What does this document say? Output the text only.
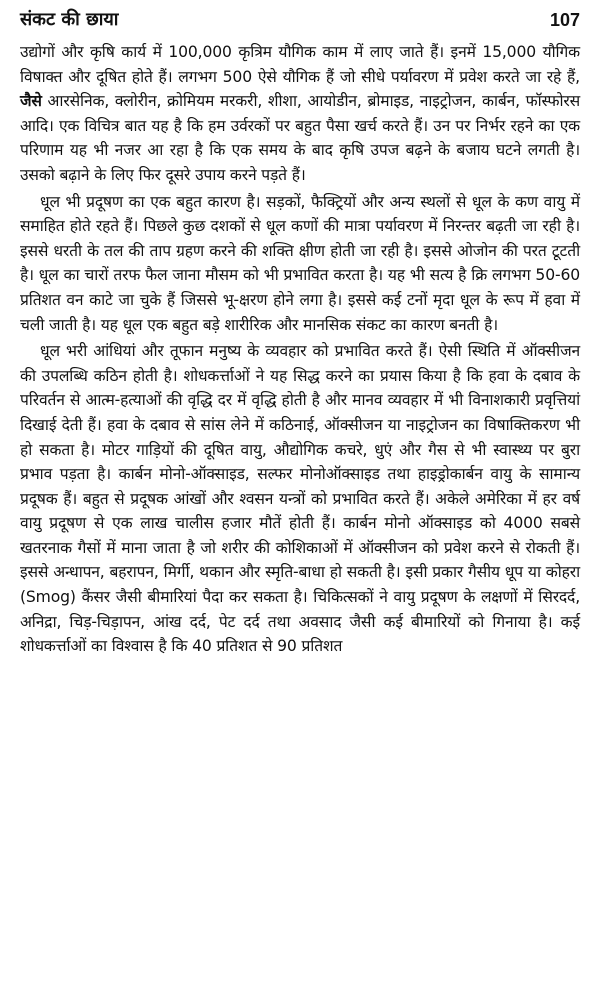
संकट की छाया	107

उद्योगों और कृषि कार्य में 100,000 कृत्रिम यौगिक काम में लाए जाते हैं। इनमें 15,000 यौगिक विषाक्त और दूषित होते हैं। लगभग 500 ऐसे यौगिक हैं जो सीधे पर्यावरण में प्रवेश करते जा रहे हैं, जैसे आरसेनिक, क्लोरीन, क्रोमियम मरकरी, शीशा, आयोडीन, ब्रोमाइड, नाइट्रोजन, कार्बन, फॉस्फोरस आदि। एक विचित्र बात यह है कि हम उर्वरकों पर बहुत पैसा खर्च करते हैं। उन पर निर्भर रहने का एक परिणाम यह भी नजर आ रहा है कि एक समय के बाद कृषि उपज बढ़ने के बजाय घटने लगती है। उसको बढ़ाने के लिए फिर दूसरे उपाय करने पड़ते हैं।

धूल भी प्रदूषण का एक बहुत कारण है। सड़कों, फैक्ट्रियों और अन्य स्थलों से धूल के कण वायु में समाहित होते रहते हैं। पिछले कुछ दशकों से धूल कणों की मात्रा पर्यावरण में निरन्तर बढ़ती जा रही है। इससे धरती के तल की ताप ग्रहण करने की शक्ति क्षीण होती जा रही है। इससे ओजोन की परत टूटती है। धूल का चारों तरफ फैल जाना मौसम को भी प्रभावित करता है। यह भी सत्य है क्रि लगभग 50-60 प्रतिशत वन काटे जा चुके हैं जिससे भू-क्षरण होने लगा है। इससे कई टनों मृदा धूल के रूप में हवा में चली जाती है। यह धूल एक बहुत बड़े शारीरिक और मानसिक संकट का कारण बनती है।

धूल भरी आंधियां और तूफान मनुष्य के व्यवहार को प्रभावित करते हैं। ऐसी स्थिति में ऑक्सीजन की उपलब्धि कठिन होती है। शोधकर्त्ताओं ने यह सिद्ध करने का प्रयास किया है कि हवा के दबाव के परिवर्तन से आत्म-हत्याओं की वृद्धि दर में वृद्धि होती है और मानव व्यवहार में भी विनाशकारी प्रवृत्तियां दिखाई देती हैं। हवा के दबाव से सांस लेने में कठिनाई, ऑक्सीजन या नाइट्रोजन का विषाक्तिकरण भी हो सकता है। मोटर गाड़ियों की दूषित वायु, औद्योगिक कचरे, धुएं और गैस से भी स्वास्थ्य पर बुरा प्रभाव पड़ता है। कार्बन मोनो-ऑक्साइड, सल्फर मोनोऑक्साइड तथा हाइड्रोकार्बन वायु के सामान्य प्रदूषक हैं। बहुत से प्रदूषक आंखों और श्वसन यन्त्रों को प्रभावित करते हैं। अकेले अमेरिका में हर वर्ष वायु प्रदूषण से एक लाख चालीस हजार मौतें होती हैं। कार्बन मोनो ऑक्साइड को 4000 सबसे खतरनाक गैसों में माना जाता है जो शरीर की कोशिकाओं में ऑक्सीजन को प्रवेश करने से रोकती हैं। इससे अन्धापन, बहरापन, मिर्गी, थकान और स्मृति-बाधा हो सकती है। इसी प्रकार गैसीय धूप या कोहरा (Smog) कैंसर जैसी बीमारियां पैदा कर सकता है। चिकित्सकों ने वायु प्रदूषण के लक्षणों में सिरदर्द, अनिद्रा, चिड़-चिड़ापन, आंख दर्द, पेट दर्द तथा अवसाद जैसी कई बीमारियों को गिनाया है। कई शोधकर्त्ताओं का विश्वास है कि 40 प्रतिशत से 90 प्रतिशत
